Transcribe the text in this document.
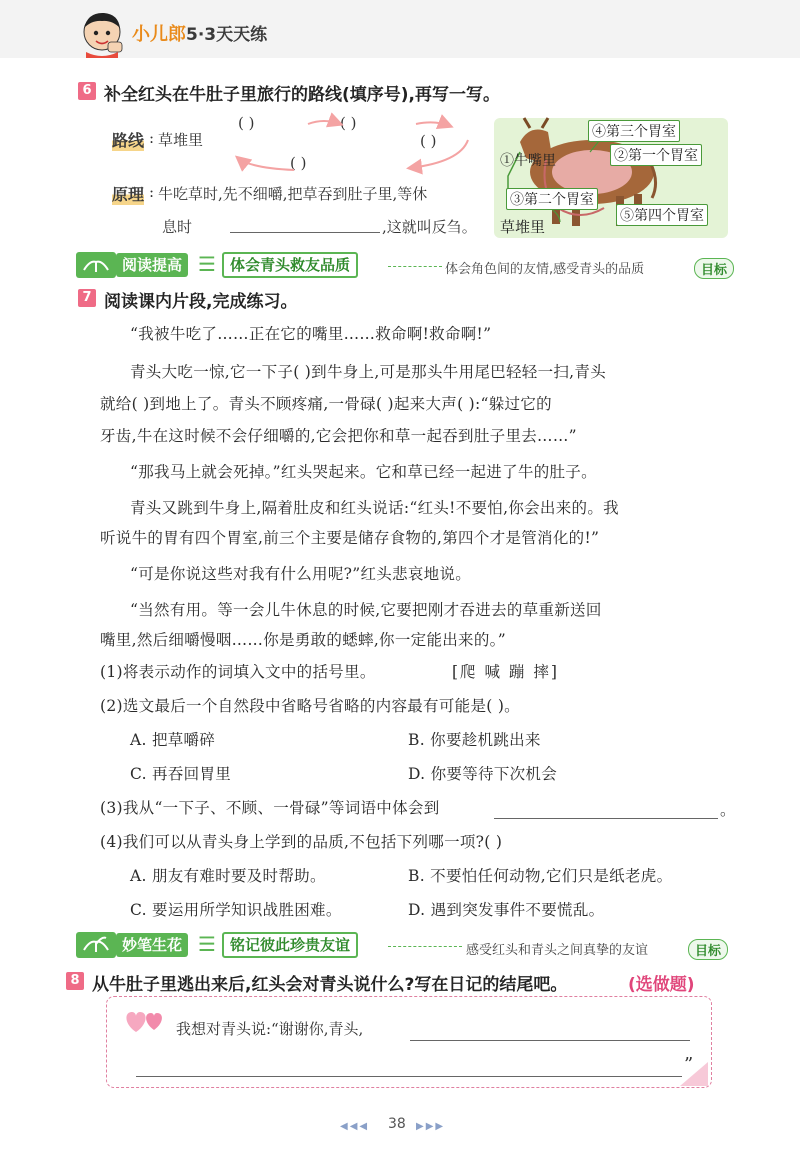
小儿郎5·3天天练
6 补全红头在牛肚子里旅行的路线(填序号),再写一写。
路线 : 草堆里
( )	( )
( )
( )
原理 : 牛吃草时,先不细嚼,把草吞到肚子里,等休
息时	,这就叫反刍。
④第三个胃室
①牛嘴里	②第一个胃室
③第二个胃室
⑤第四个胃室
草堆里
阅读提高 ☰ 体会青头救友品质	体会角色间的友情,感受青头的品质	目标
7 阅读课内片段,完成练习。
“我被牛吃了……正在它的嘴里……救命啊!救命啊!”
青头大吃一惊,它一下子( )到牛身上,可是那头牛用尾巴轻轻一扫,青头
就给( )到地上了。青头不顾疼痛,一骨碌( )起来大声( ):“躲过它的
牙齿,牛在这时候不会仔细嚼的,它会把你和草一起吞到肚子里去……”
“那我马上就会死掉。”红头哭起来。它和草已经一起进了牛的肚子。
青头又跳到牛身上,隔着肚皮和红头说话:“红头!不要怕,你会出来的。我
听说牛的胃有四个胃室,前三个主要是储存食物的,第四个才是管消化的!”
“可是你说这些对我有什么用呢?”红头悲哀地说。
“当然有用。等一会儿牛休息的时候,它要把刚才吞进去的草重新送回
嘴里,然后细嚼慢咽……你是勇敢的蟋蟀,你一定能出来的。”
(1)将表示动作的词填入文中的括号里。	[爬 喊 蹦 摔]
(2)选文最后一个自然段中省略号省略的内容最有可能是( )。
A. 把草嚼碎	B. 你要趁机跳出来
C. 再吞回胃里	D. 你要等待下次机会
(3)我从“一下子、不顾、一骨碌”等词语中体会到	。
(4)我们可以从青头身上学到的品质,不包括下列哪一项?( )
A. 朋友有难时要及时帮助。	B. 不要怕任何动物,它们只是纸老虎。
C. 要运用所学知识战胜困难。	D. 遇到突发事件不要慌乱。
妙笔生花 ☰ 铭记彼此珍贵友谊	感受红头和青头之间真挚的友谊	目标
8 从牛肚子里逃出来后,红头会对青头说什么?写在日记的结尾吧。	(选做题)
我想对青头说:“谢谢你,青头,
”
◀◀◀ 38 ▶▶▶
